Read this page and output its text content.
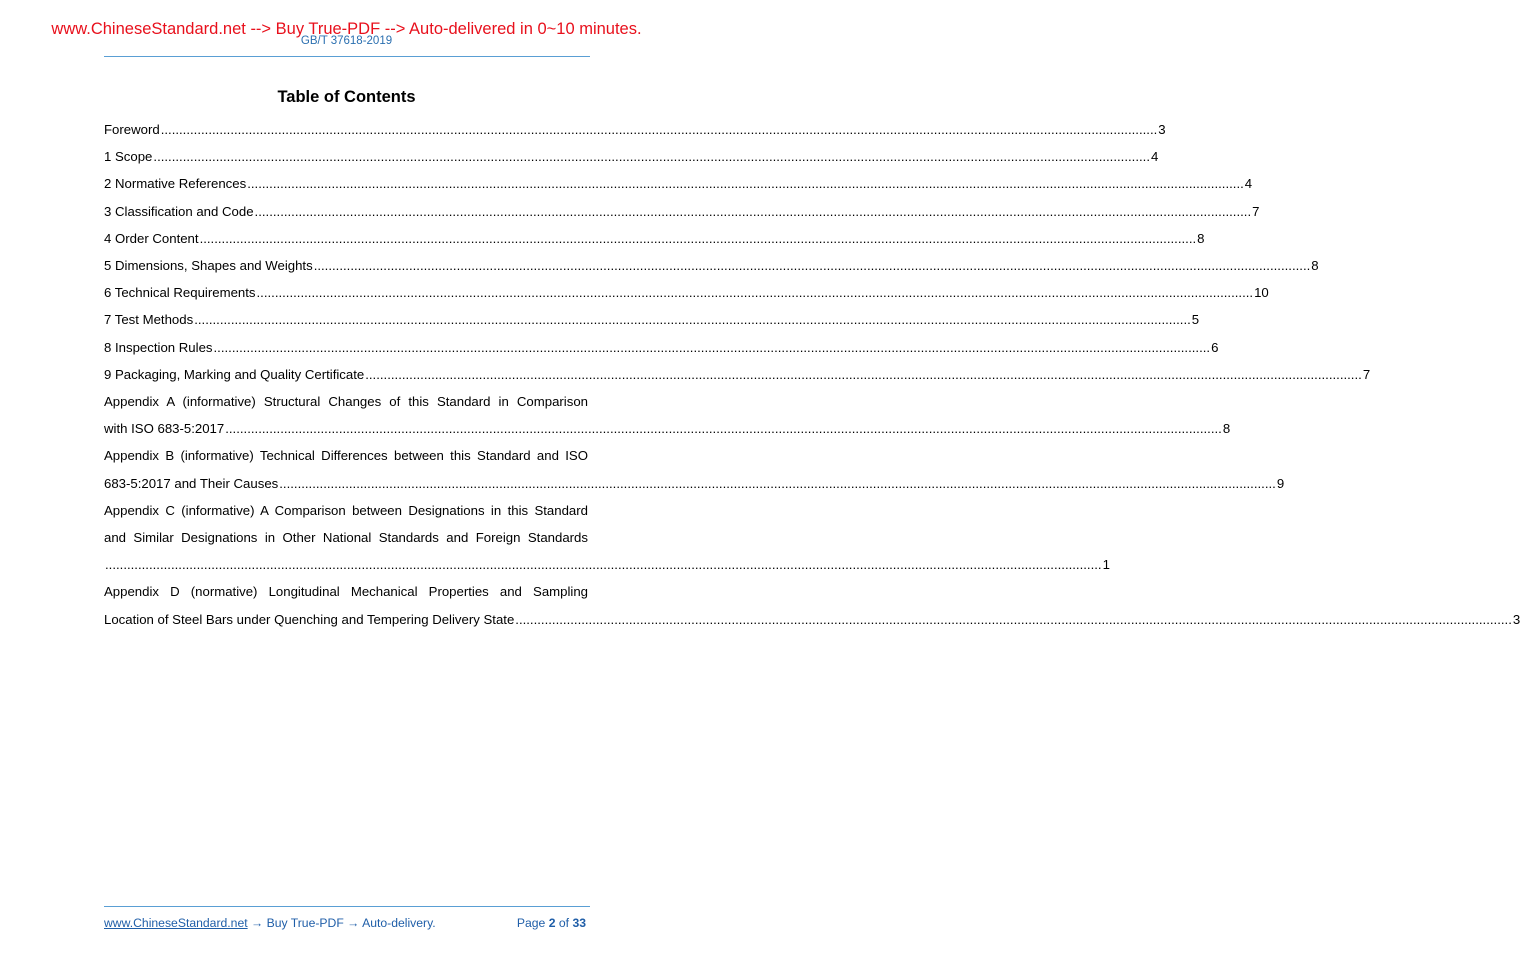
www.ChineseStandard.net --> Buy True-PDF --> Auto-delivered in 0~10 minutes.
GB/T 37618-2019
Table of Contents
Foreword ................................................................................................................................................................................................................................................................................ 3
1 Scope ................................................................................................................................................................................................................................................................................ 4
2 Normative References ................................................................................................................................................................................................................................................................................ 4
3 Classification and Code ................................................................................................................................................................................................................................................................................ 7
4 Order Content ................................................................................................................................................................................................................................................................................ 8
5 Dimensions, Shapes and Weights ................................................................................................................................................................................................................................................................................ 8
6 Technical Requirements ................................................................................................................................................................................................................................................................................ 10
7 Test Methods ................................................................................................................................................................................................................................................................................ 5
8 Inspection Rules ................................................................................................................................................................................................................................................................................ 6
9 Packaging, Marking and Quality Certificate ................................................................................................................................................................................................................................................................................ 7
Appendix A (informative) Structural Changes of this Standard in Comparison
with ISO 683-5:2017 ................................................................................................................................................................................................................................................................................ 8
Appendix B (informative) Technical Differences between this Standard and ISO
683-5:2017 and Their Causes ................................................................................................................................................................................................................................................................................ 9
Appendix C (informative) A Comparison between Designations in this Standard
and Similar Designations in Other National Standards and Foreign Standards
................................................................................................................................................................................................................................................................................ 1
Appendix D (normative) Longitudinal Mechanical Properties and Sampling
Location of Steel Bars under Quenching and Tempering Delivery State ................................................................................................................................................................................................................................................................................ 3
www.ChineseStandard.net → Buy True-PDF → Auto-delivery.	Page 2 of 33
